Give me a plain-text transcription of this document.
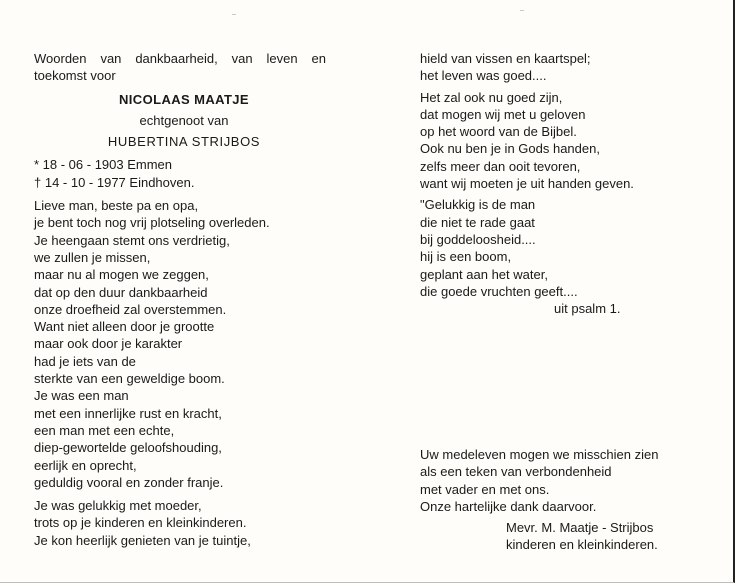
Woorden van dankbaarheid, van leven en
toekomst voor
NICOLAAS MAATJE
echtgenoot van
HUBERTINA STRIJBOS
* 18 - 06 - 1903 Emmen
† 14 - 10 - 1977 Eindhoven.
Lieve man, beste pa en opa,
je bent toch nog vrij plotseling overleden.
Je heengaan stemt ons verdrietig,
we zullen je missen,
maar nu al mogen we zeggen,
dat op den duur dankbaarheid
onze droefheid zal overstemmen.
Want niet alleen door je grootte
maar ook door je karakter
had je iets van de
sterkte van een geweldige boom.
Je was een man
met een innerlijke rust en kracht,
een man met een echte,
diep-gewortelde geloofshouding,
eerlijk en oprecht,
geduldig vooral en zonder franje.
Je was gelukkig met moeder,
trots op je kinderen en kleinkinderen.
Je kon heerlijk genieten van je tuintje,
hield van vissen en kaartspel;
het leven was goed....
Het zal ook nu goed zijn,
dat mogen wij met u geloven
op het woord van de Bijbel.
Ook nu ben je in Gods handen,
zelfs meer dan ooit tevoren,
want wij moeten je uit handen geven.
"Gelukkig is de man
die niet te rade gaat
bij goddeloosheid....
hij is een boom,
geplant aan het water,
die goede vruchten geeft....
uit psalm 1.
Uw medeleven mogen we misschien zien
als een teken van verbondenheid
met vader en met ons.
Onze hartelijke dank daarvoor.
Mevr. M. Maatje - Strijbos
kinderen en kleinkinderen.
